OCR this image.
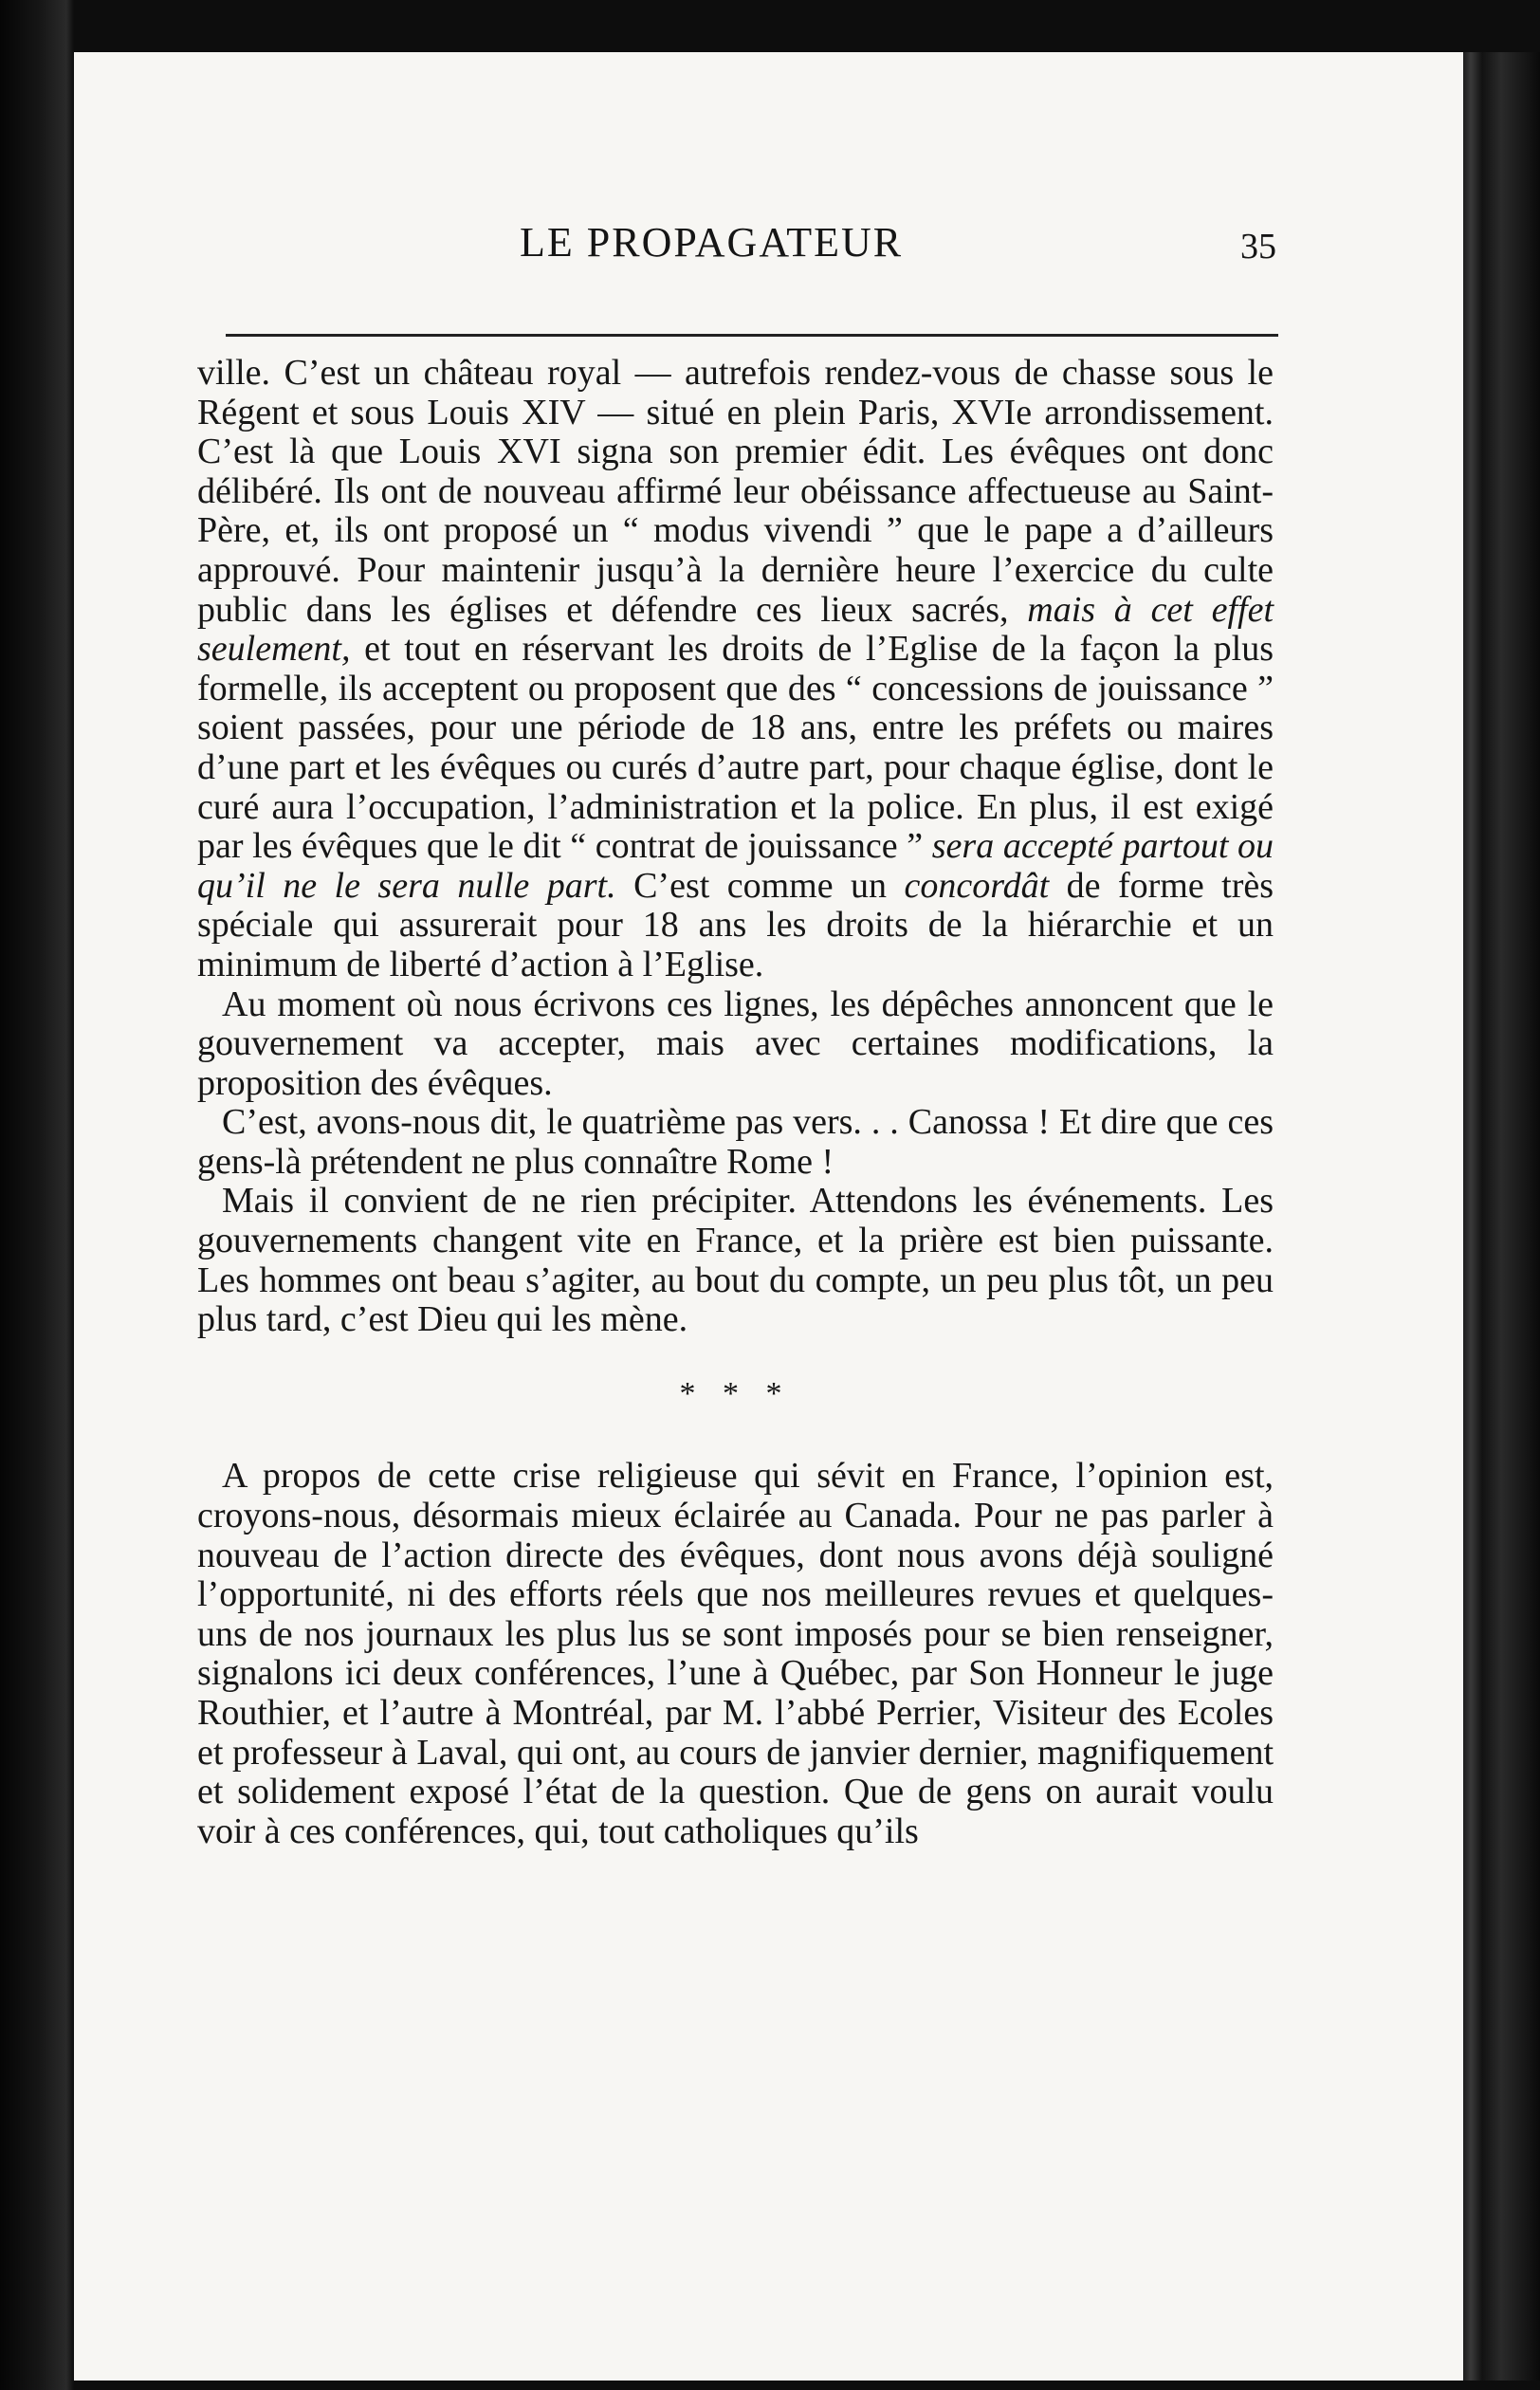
LE PROPAGATEUR	35

ville. C’est un château royal — autrefois rendez-vous de chasse sous le Régent et sous Louis XIV — situé en plein Paris, XVIe arrondissement. C’est là que Louis XVI signa son premier édit. Les évêques ont donc délibéré. Ils ont de nouveau affirmé leur obéissance affectueuse au Saint-Père, et, ils ont proposé un “ modus vivendi ” que le pape a d’ailleurs approuvé. Pour maintenir jusqu’à la dernière heure l’exercice du culte public dans les églises et défendre ces lieux sacrés, mais à cet effet seulement, et tout en réservant les droits de l’Eglise de la façon la plus formelle, ils acceptent ou proposent que des “ concessions de jouissance ” soient passées, pour une période de 18 ans, entre les préfets ou maires d’une part et les évêques ou curés d’autre part, pour chaque église, dont le curé aura l’occupation, l’administration et la police. En plus, il est exigé par les évêques que le dit “ contrat de jouissance ” sera accepté partout ou qu’il ne le sera nulle part. C’est comme un concordât de forme très spéciale qui assurerait pour 18 ans les droits de la hiérarchie et un minimum de liberté d’action à l’Eglise.

Au moment où nous écrivons ces lignes, les dépêches annoncent que le gouvernement va accepter, mais avec certaines modifications, la proposition des évêques.

C’est, avons-nous dit, le quatrième pas vers. . . Canossa ! Et dire que ces gens-là prétendent ne plus connaître Rome !

Mais il convient de ne rien précipiter. Attendons les événements. Les gouvernements changent vite en France, et la prière est bien puissante. Les hommes ont beau s’agiter, au bout du compte, un peu plus tôt, un peu plus tard, c’est Dieu qui les mène.

* * *

A propos de cette crise religieuse qui sévit en France, l’opinion est, croyons-nous, désormais mieux éclairée au Canada. Pour ne pas parler à nouveau de l’action directe des évêques, dont nous avons déjà souligné l’opportunité, ni des efforts réels que nos meilleures revues et quelques-uns de nos journaux les plus lus se sont imposés pour se bien renseigner, signalons ici deux conférences, l’une à Québec, par Son Honneur le juge Routhier, et l’autre à Montréal, par M. l’abbé Perrier, Visiteur des Ecoles et professeur à Laval, qui ont, au cours de janvier dernier, magnifiquement et solidement exposé l’état de la question. Que de gens on aurait voulu voir à ces conférences, qui, tout catholiques qu’ils
